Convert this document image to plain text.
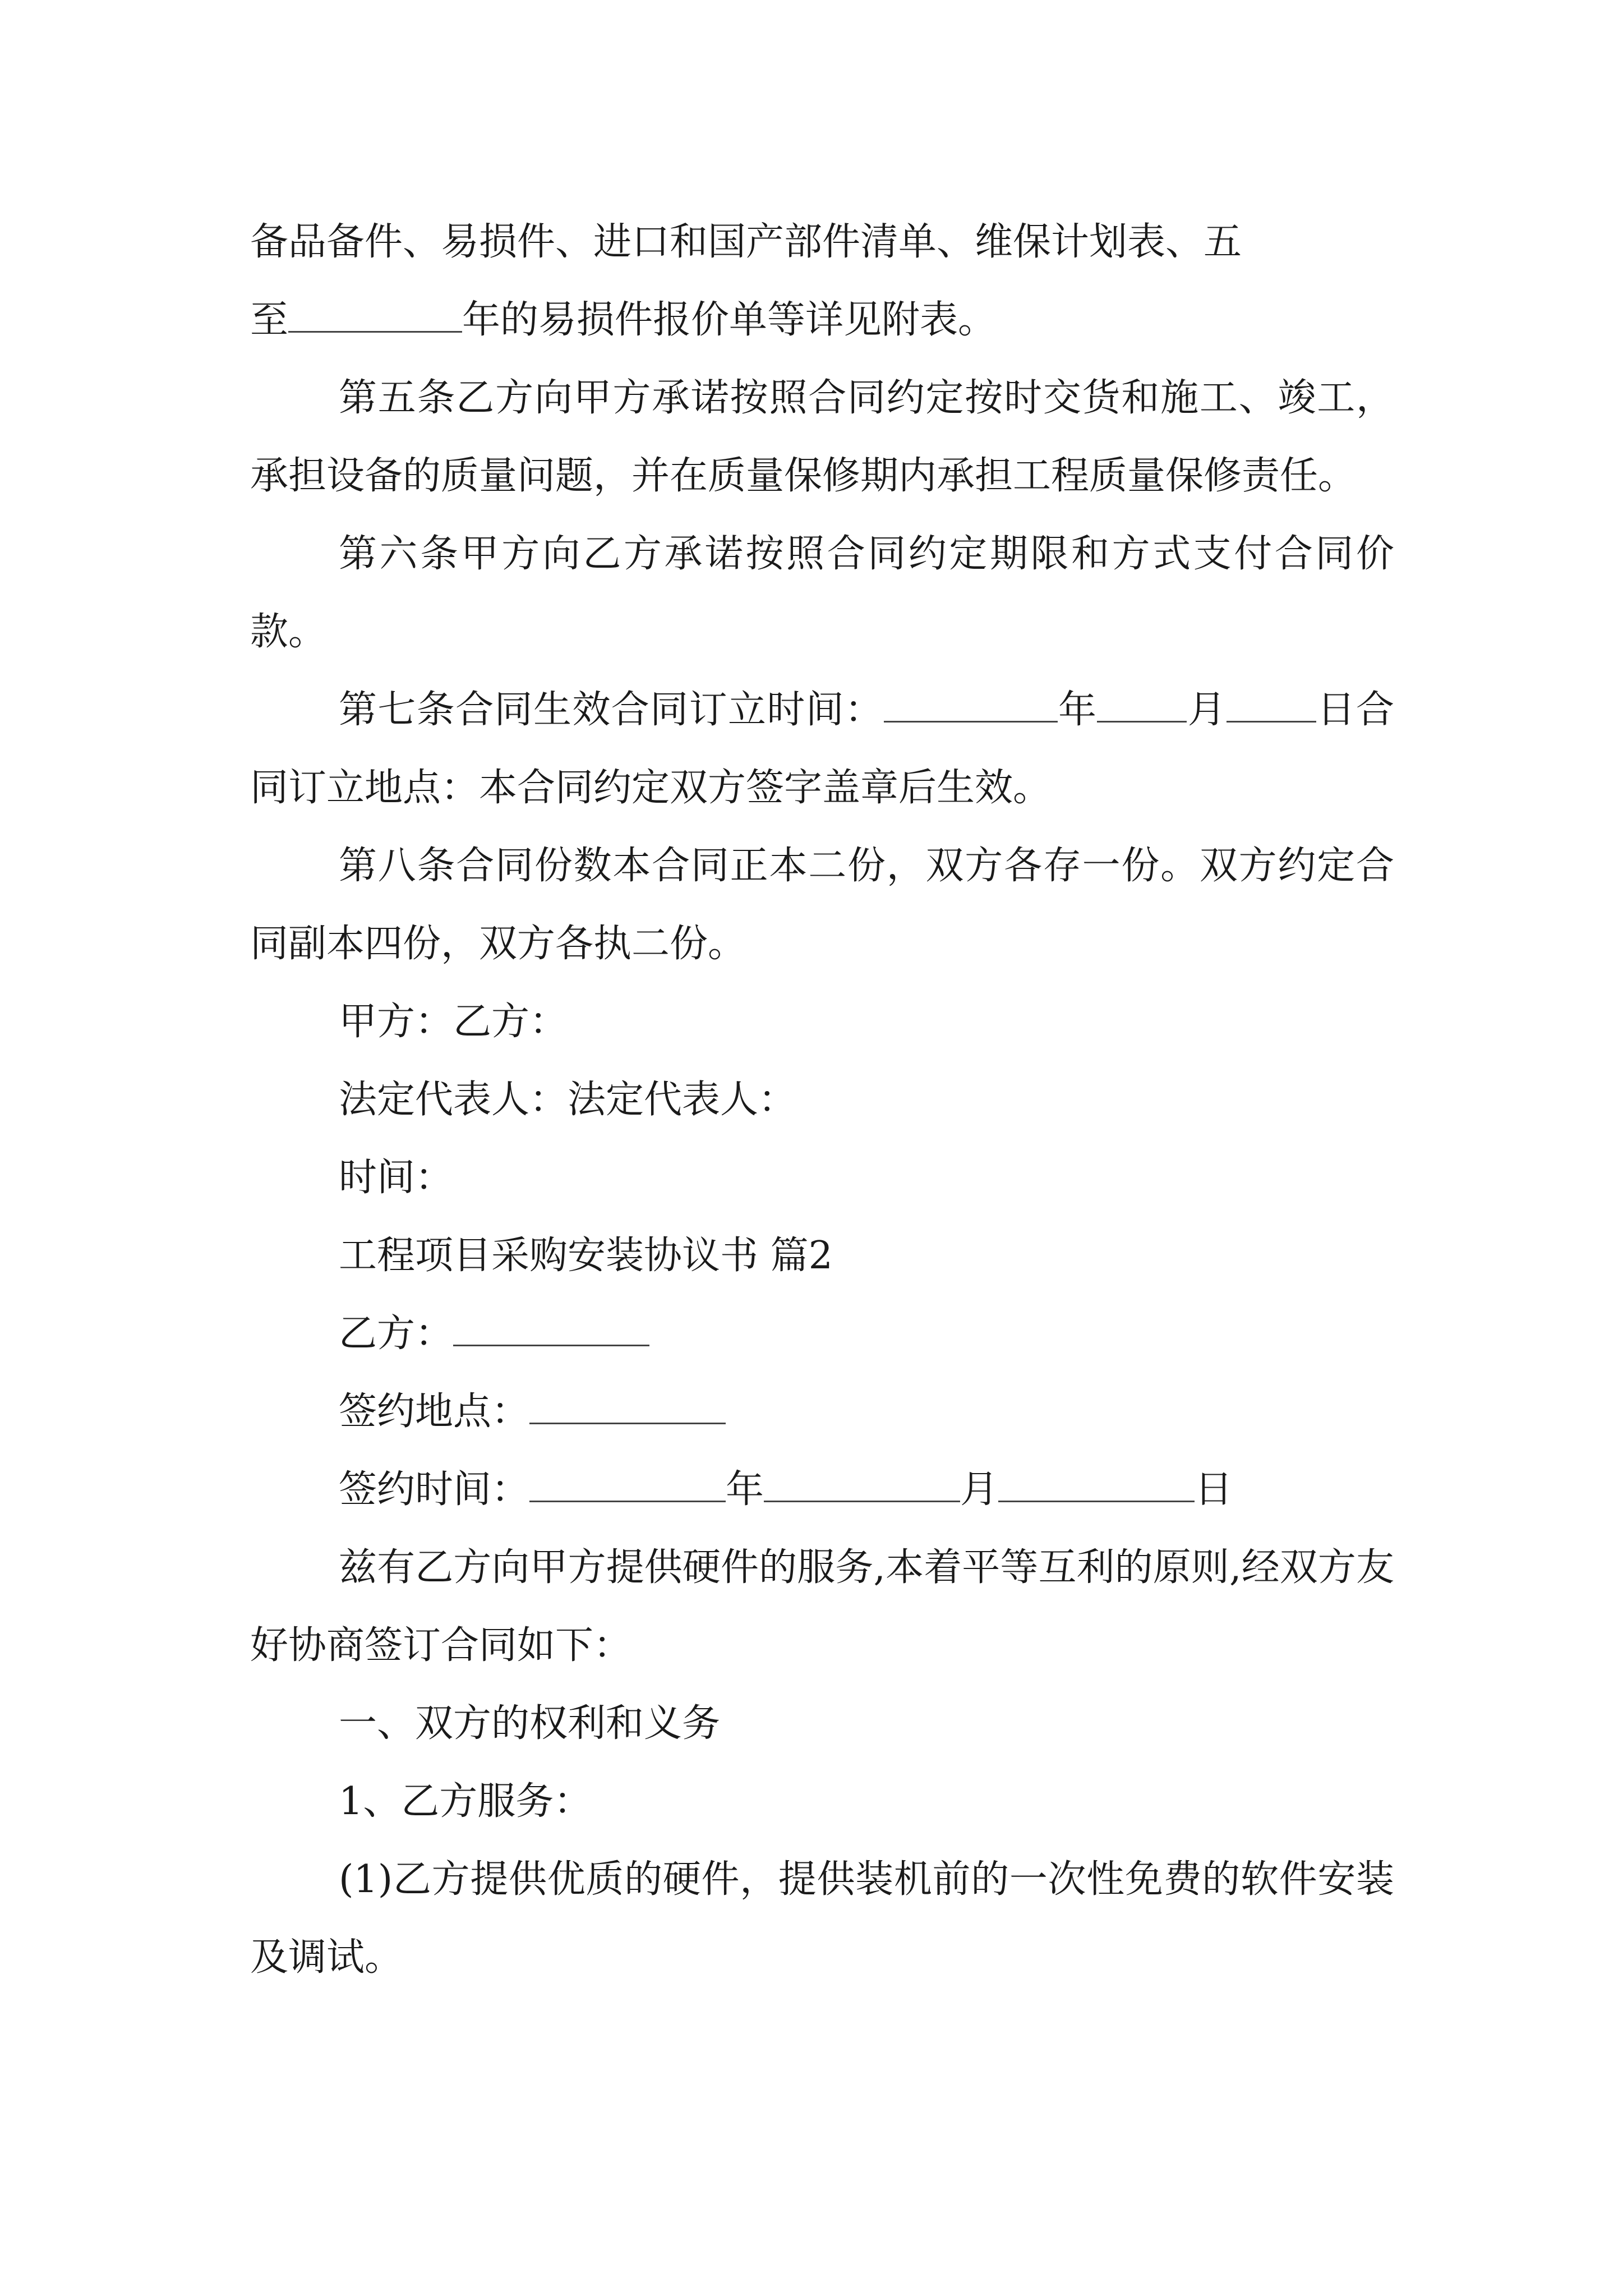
备品备件、易损件、进口和国产部件清单、维保计划表、五
至	年的易损件报价单等详见附表。

第五条乙方向甲方承诺按照合同约定按时交货和施工、竣工，承担设备的质量问题，并在质量保修期内承担工程质量保修责任。

第六条甲方向乙方承诺按照合同约定期限和方式支付合同价款。

第七条合同生效合同订立时间：	年 月 日合同订立地点：本合同约定双方签字盖章后生效。

第八条合同份数本合同正本二份，双方各存一份。双方约定合同副本四份，双方各执二份。

甲方：乙方：

法定代表人：法定代表人：

时间：

工程项目采购安装协议书 篇2

乙方：

签约地点：

签约时间：	年	月	日

兹有乙方向甲方提供硬件的服务,本着平等互利的原则,经双方友好协商签订合同如下：

一、双方的权利和义务

1、乙方服务：

(1)乙方提供优质的硬件，提供装机前的一次性免费的软件安装及调试。
